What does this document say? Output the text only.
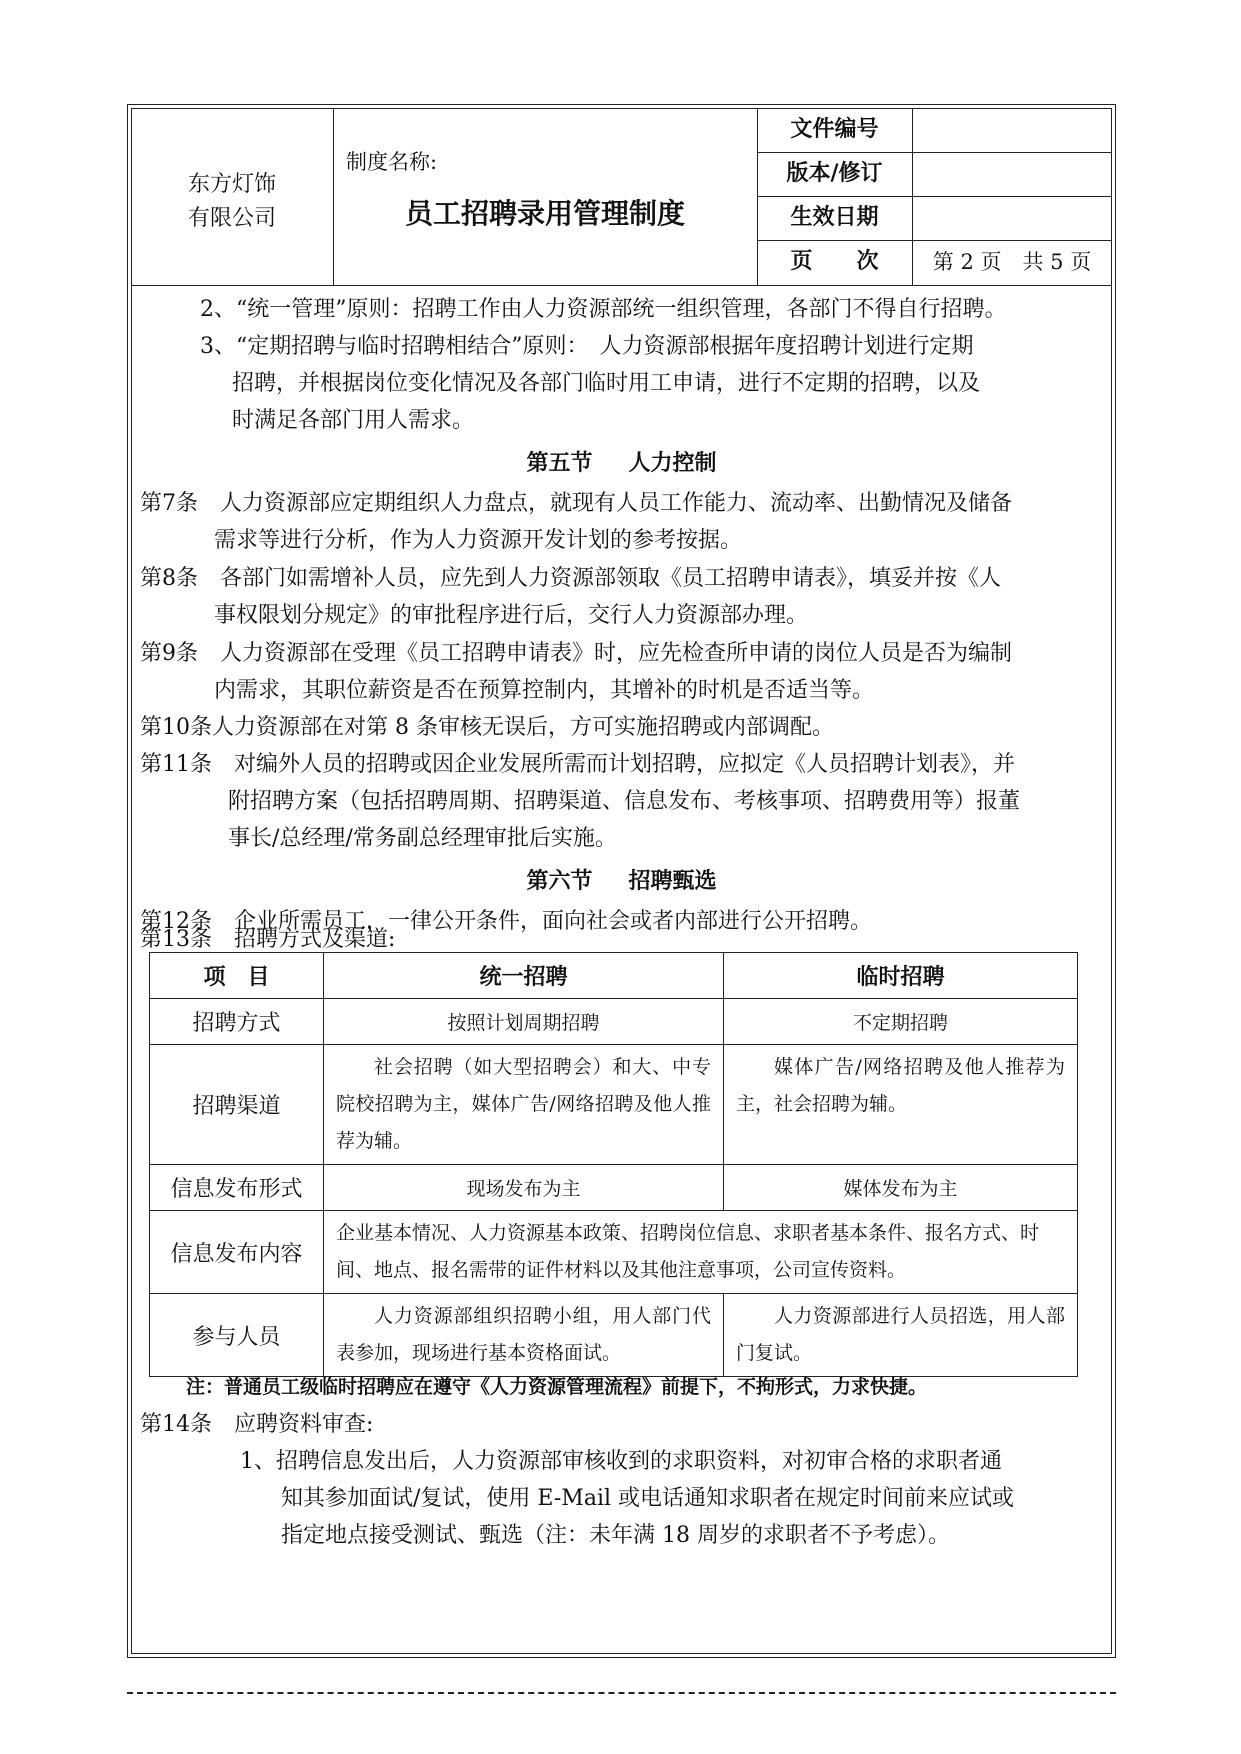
东方灯饰
有限公司
制度名称:
员工招聘录用管理制度
文件编号
版本/修订
生效日期
页　　次	第 2 页　共 5 页
2、“统一管理”原则：招聘工作由人力资源部统一组织管理，各部门不得自行招聘。
3、“定期招聘与临时招聘相结合”原则：　人力资源部根据年度招聘计划进行定期
招聘，并根据岗位变化情况及各部门临时用工申请，进行不定期的招聘，以及
时满足各部门用人需求。
第五节 人力控制
第7条　人力资源部应定期组织人力盘点，就现有人员工作能力、流动率、出勤情况及储备
需求等进行分析，作为人力资源开发计划的参考按据。
第8条　各部门如需增补人员，应先到人力资源部领取《员工招聘申请表》，填妥并按《人
事权限划分规定》的审批程序进行后，交行人力资源部办理。
第9条　人力资源部在受理《员工招聘申请表》时，应先检查所申请的岗位人员是否为编制
内需求，其职位薪资是否在预算控制内，其增补的时机是否适当等。
第10条人力资源部在对第 8 条审核无误后，方可实施招聘或内部调配。
第11条　对编外人员的招聘或因企业发展所需而计划招聘，应拟定《人员招聘计划表》，并
附招聘方案（包括招聘周期、招聘渠道、信息发布、考核事项、招聘费用等）报董
事长/总经理/常务副总经理审批后实施。
第六节 招聘甄选
第12条　企业所需员工，一律公开条件，面向社会或者内部进行公开招聘。
第13条　招聘方式及渠道:
项　目	统一招聘	临时招聘
招聘方式	按照计划周期招聘	不定期招聘
招聘渠道	社会招聘（如大型招聘会）和大、中专院校招聘为主，媒体广告/网络招聘及他人推荐为辅。	媒体广告/网络招聘及他人推荐为主，社会招聘为辅。
信息发布形式	现场发布为主	媒体发布为主
信息发布内容	企业基本情况、人力资源基本政策、招聘岗位信息、求职者基本条件、报名方式、时间、地点、报名需带的证件材料以及其他注意事项，公司宣传资料。	
参与人员	人力资源部组织招聘小组，用人部门代表参加，现场进行基本资格面试。	人力资源部进行人员招选，用人部门复试。
注：普通员工级临时招聘应在遵守《人力资源管理流程》前提下，不拘形式，力求快捷。
第14条　应聘资料审查:
1、招聘信息发出后，人力资源部审核收到的求职资料，对初审合格的求职者通
知其参加面试/复试，使用 E-Mail 或电话通知求职者在规定时间前来应试或
指定地点接受测试、甄选（注：未年满 18 周岁的求职者不予考虑）。
